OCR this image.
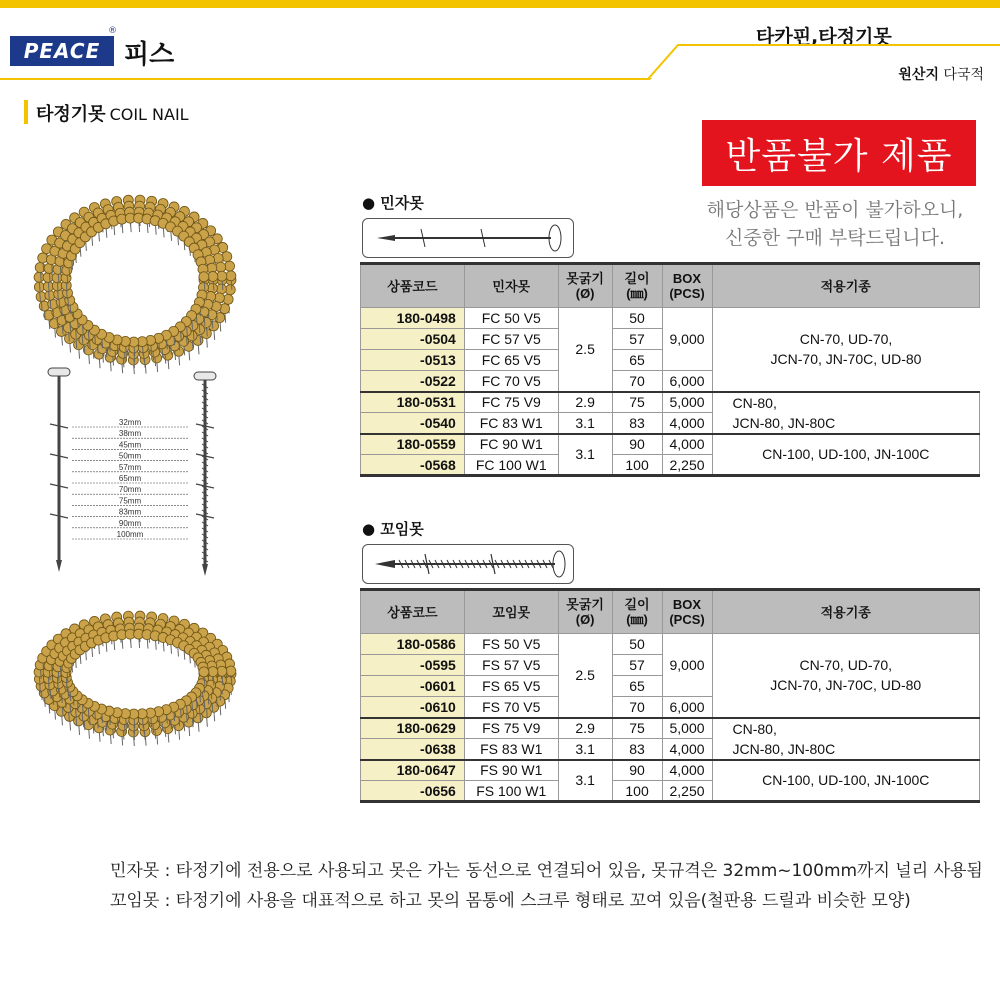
PEACE
®
피스
타카핀,타정기못
원산지 다국적
타정기못 COIL NAIL
반품불가 제품
해당상품은 반품이 불가하오니,
신중한 구매 부탁드립니다.
32mm
38mm
45mm
50mm
57mm
65mm
70mm
75mm
83mm
90mm
100mm
● 민자못
상품코드	민자못	못굵기
(Ø)	길이
(㎜)	BOX
(PCS)	적용기종
180-0498	FC 50 V5	2.5	50	9,000	CN-70, UD-70,
JCN-70, JN-70C, UD-80
-0504	FC 57 V5		57		
-0513	FC 65 V5		65		
-0522	FC 70 V5		70	6,000	
180-0531	FC 75 V9	2.9	75	5,000	CN-80,
JCN-80, JN-80C
-0540	FC 83 W1	3.1	83	4,000	
180-0559	FC 90 W1	3.1	90	4,000	CN-100, UD-100, JN-100C
-0568	FC 100 W1		100	2,250	
● 꼬임못
상품코드	꼬임못	못굵기
(Ø)	길이
(㎜)	BOX
(PCS)	적용기종
180-0586	FS 50 V5	2.5	50	9,000	CN-70, UD-70,
JCN-70, JN-70C, UD-80
-0595	FS 57 V5		57		
-0601	FS 65 V5		65		
-0610	FS 70 V5		70	6,000	
180-0629	FS 75 V9	2.9	75	5,000	CN-80,
JCN-80, JN-80C
-0638	FS 83 W1	3.1	83	4,000	
180-0647	FS 90 W1	3.1	90	4,000	CN-100, UD-100, JN-100C
-0656	FS 100 W1		100	2,250	
민자못 : 타정기에 전용으로 사용되고 못은 가는 동선으로 연결되어 있음, 못규격은 32mm~100mm까지 널리 사용됨
꼬임못 : 타정기에 사용을 대표적으로 하고 못의 몸통에 스크루 형태로 꼬여 있음(철판용 드릴과 비슷한 모양)
